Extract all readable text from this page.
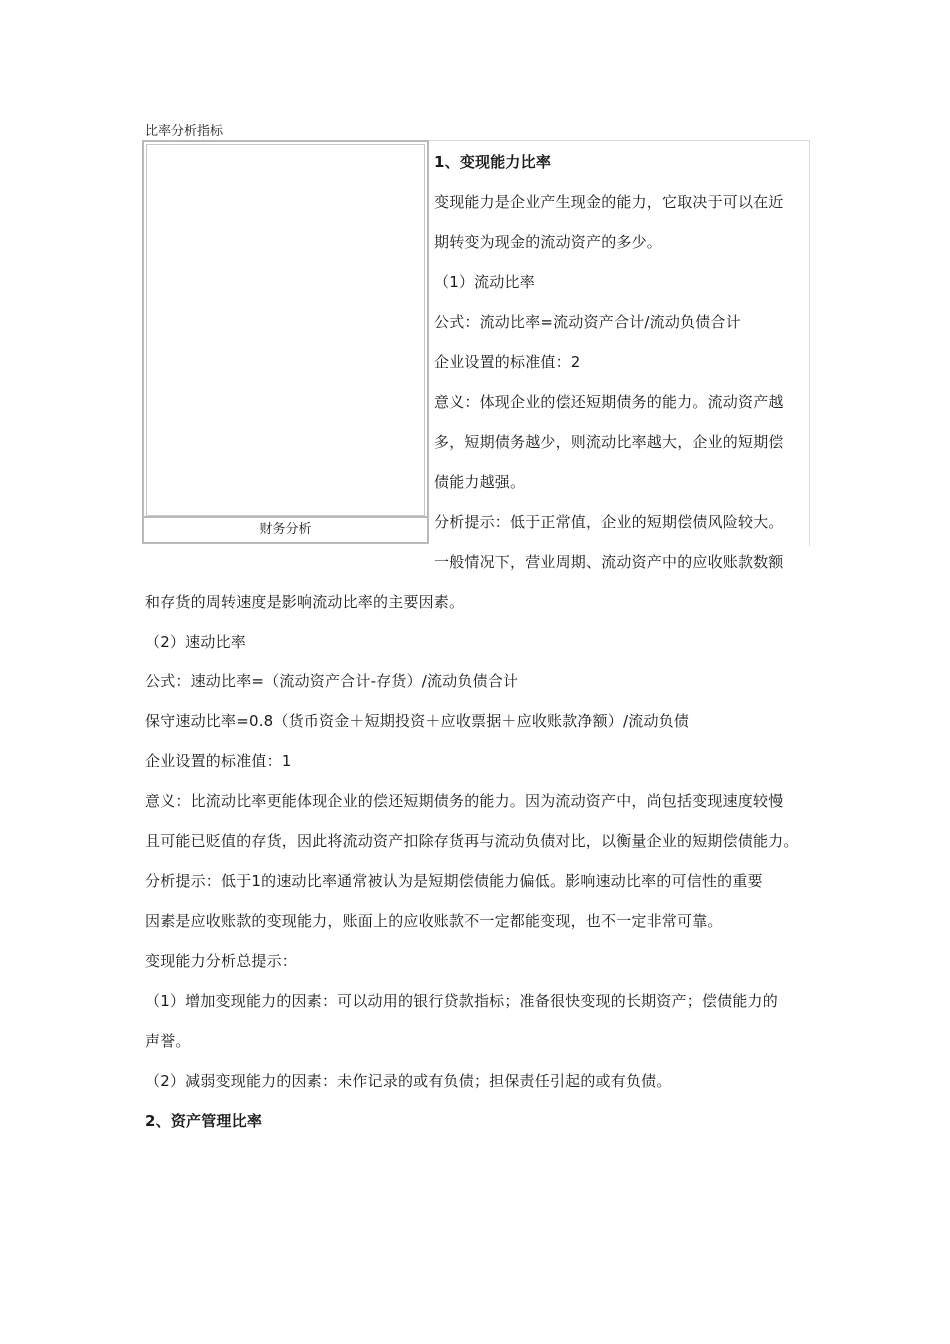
比率分析指标
财务分析
1、变现能力比率
变现能力是企业产生现金的能力，它取决于可以在近
期转变为现金的流动资产的多少。
（1）流动比率
公式：流动比率=流动资产合计/流动负债合计
企业设置的标准值：2
意义：体现企业的偿还短期债务的能力。流动资产越
多，短期债务越少，则流动比率越大，企业的短期偿
债能力越强。
分析提示：低于正常值，企业的短期偿债风险较大。
一般情况下，营业周期、流动资产中的应收账款数额
和存货的周转速度是影响流动比率的主要因素。
（2）速动比率
公式：速动比率=（流动资产合计-存货）/流动负债合计
保守速动比率=0.8（货币资金＋短期投资＋应收票据＋应收账款净额）/流动负债
企业设置的标准值：1
意义：比流动比率更能体现企业的偿还短期债务的能力。因为流动资产中，尚包括变现速度较慢
且可能已贬值的存货，因此将流动资产扣除存货再与流动负债对比，以衡量企业的短期偿债能力。
分析提示：低于1的速动比率通常被认为是短期偿债能力偏低。影响速动比率的可信性的重要
因素是应收账款的变现能力，账面上的应收账款不一定都能变现，也不一定非常可靠。
变现能力分析总提示：
（1）增加变现能力的因素：可以动用的银行贷款指标；准备很快变现的长期资产；偿债能力的
声誉。
（2）减弱变现能力的因素：未作记录的或有负债；担保责任引起的或有负债。
2、资产管理比率
